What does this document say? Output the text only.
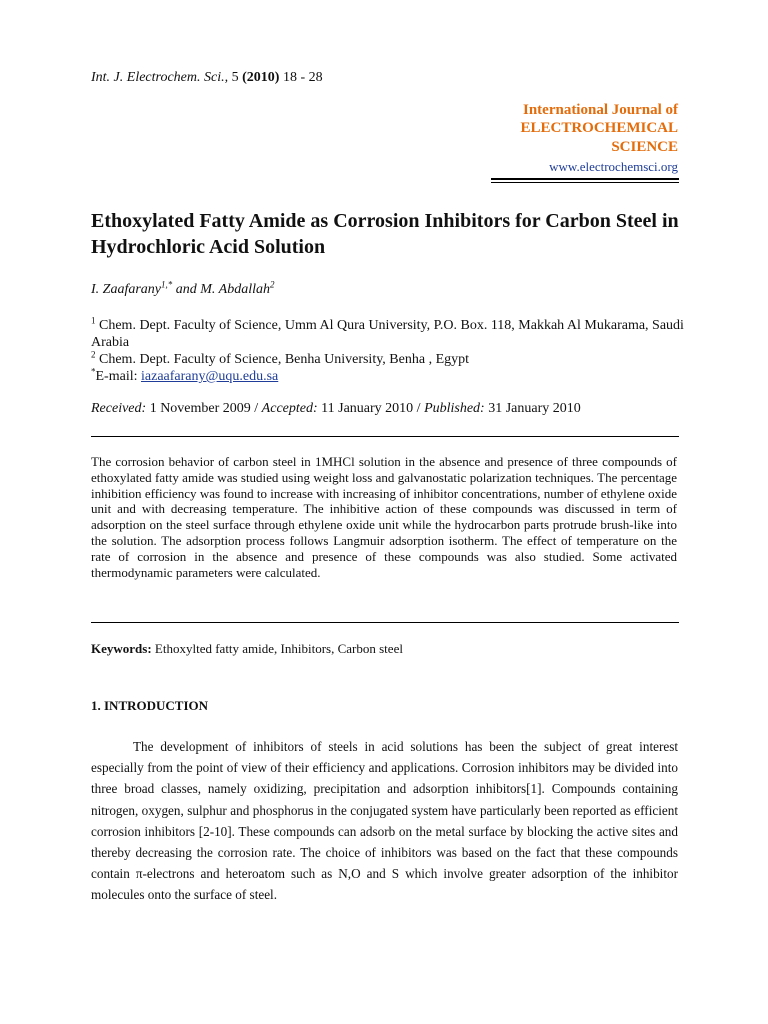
Int. J. Electrochem. Sci., 5 (2010) 18 - 28
International Journal of
ELECTROCHEMICAL
SCIENCE
www.electrochemsci.org
Ethoxylated Fatty Amide as Corrosion Inhibitors for Carbon Steel in Hydrochloric Acid Solution
I. Zaafarany$^{1,*}$ and M. Abdallah$^2$
$^1$ Chem. Dept. Faculty of Science, Umm Al Qura University, P.O. Box. 118, Makkah Al Mukarama, Saudi Arabia
$^2$ Chem. Dept. Faculty of Science, Benha University, Benha , Egypt
*E-mail: iazaafarany@uqu.edu.sa
Received: 1 November 2009 / Accepted: 11 January 2010 / Published: 31 January 2010
The corrosion behavior of carbon steel in 1MHCl solution in the absence and presence of three compounds of ethoxylated fatty amide was studied using weight loss and galvanostatic polarization techniques. The percentage inhibition efficiency was found to increase with increasing of inhibitor concentrations, number of ethylene oxide unit and with decreasing temperature. The inhibitive action of these compounds was discussed in term of adsorption on the steel surface through ethylene oxide unit while the hydrocarbon parts protrude brush-like into the solution. The adsorption process follows Langmuir adsorption isotherm. The effect of temperature on the rate of corrosion in the absence and presence of these compounds was also studied. Some activated thermodynamic parameters were calculated.
Keywords: Ethoxylted fatty amide, Inhibitors, Carbon steel
1. INTRODUCTION
The development of inhibitors of steels in acid solutions has been the subject of great interest especially from the point of view of their efficiency and applications. Corrosion inhibitors may be divided into three broad classes, namely oxidizing, precipitation and adsorption inhibitors[1]. Compounds containing nitrogen, oxygen, sulphur and phosphorus in the conjugated system have particularly been reported as efficient corrosion inhibitors [2-10]. These compounds can adsorb on the metal surface by blocking the active sites and thereby decreasing the corrosion rate. The choice of inhibitors was based on the fact that these compounds contain π-electrons and heteroatom such as N,O and S which involve greater adsorption of the inhibitor molecules onto the surface of steel.
